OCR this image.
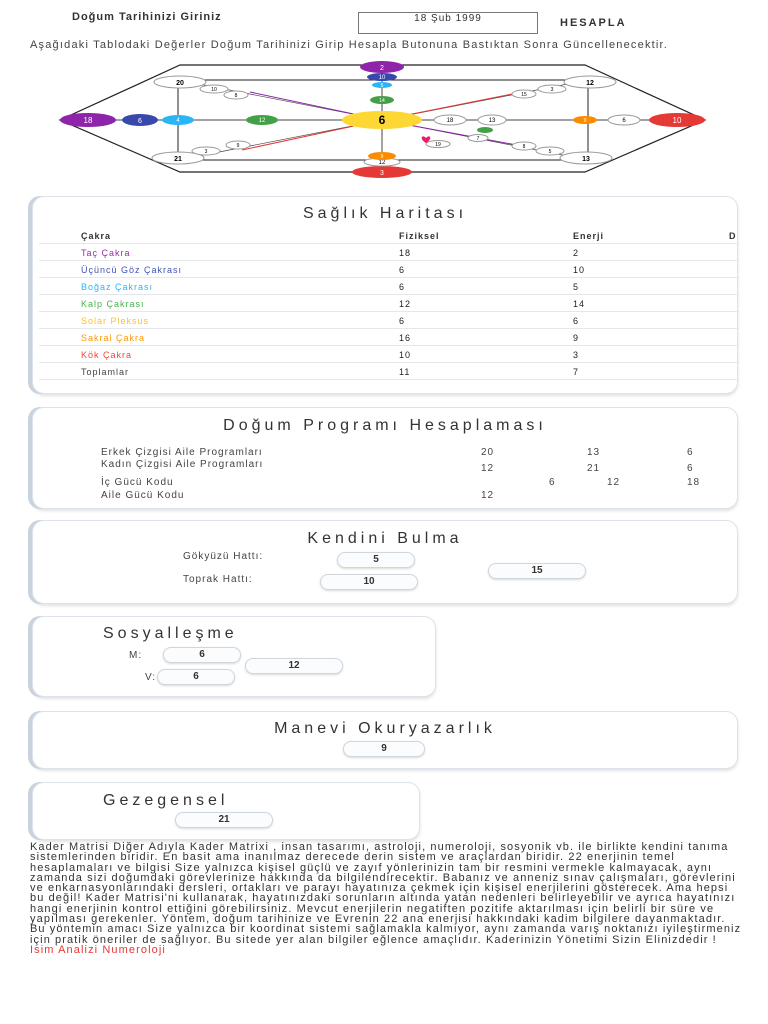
Doğum Tarihinizi Giriniz	18 Şub 1999	HESAPLA
Aşağıdaki Tablodaki Değerler Doğum Tarihinizi Girip Hesapla Butonuna Bastıktan Sonra Güncellenecektir.
6
18	6	4	12
2
10
14
5
10
6
9
3
12
9
20	12
21	13
10
8
3
15
3
9
5
8
18	13
7
19
Sağlık Haritası
Çakra	Fiziksel	Enerji	D
Taç Çakra	18	2
Üçüncü Göz Çakrası	6	10
Boğaz Çakrası	6	5
Kalp Çakrası	12	14
Solar Pleksus	6	6
Sakral Çakra	16	9
Kök Çakra	10	3
Toplamlar	11	7
Doğum Programı Hesaplaması
Erkek Çizgisi Aile Programları	20	13	6
Kadın Çizgisi Aile Programları	12	21	6
İç Gücü Kodu	6	12	18
Aile Gücü Kodu	12
Kendini Bulma
Gökyüzü Hattı:	5
Toprak Hattı:	10
15
Sosyalleşme
M:	6
V:	6
12
Manevi Okuryazarlık
9
Gezegensel
21
Kader Matrisi Diğer Adıyla Kader Matrixi , insan tasarımı, astroloji, numeroloji, sosyonik vb. ile birlikte kendini tanıma sistemlerinden biridir. En basit ama inanılmaz derecede derin sistem ve araçlardan biridir. 22 enerjinin temel hesaplamaları ve bilgisi Size yalnızca kişisel güçlü ve zayıf yönlerinizin tam bir resmini vermekle kalmayacak, aynı zamanda sizi doğumdaki görevlerinize hakkında da bilgilendirecektir. Babanız ve anneniz sınav çalışmaları, görevlerini ve enkarnasyonlarındaki dersleri, ortakları ve parayı hayatınıza çekmek için kişisel enerjilerini gösterecek. Ama hepsi bu değil! Kader Matrisi'ni kullanarak, hayatınızdaki sorunların altında yatan nedenleri belirleyebilir ve ayrıca hayatınızı hangi enerjinin kontrol ettiğini görebilirsiniz. Mevcut enerjilerin negatiften pozitife aktarılması için belirli bir süre ve yapılması gerekenler. Yöntem, doğum tarihinize ve Evrenin 22 ana enerjisi hakkındaki kadim bilgilere dayanmaktadır. Bu yöntemin amacı Size yalnızca bir koordinat sistemi sağlamakla kalmıyor, aynı zamanda varış noktanızı iyileştirmeniz için pratik öneriler de sağlıyor. Bu sitede yer alan bilgiler eğlence amaçlıdır. Kaderinizin Yönetimi Sizin Elinizdedir ! Isim Analizi Numeroloji
